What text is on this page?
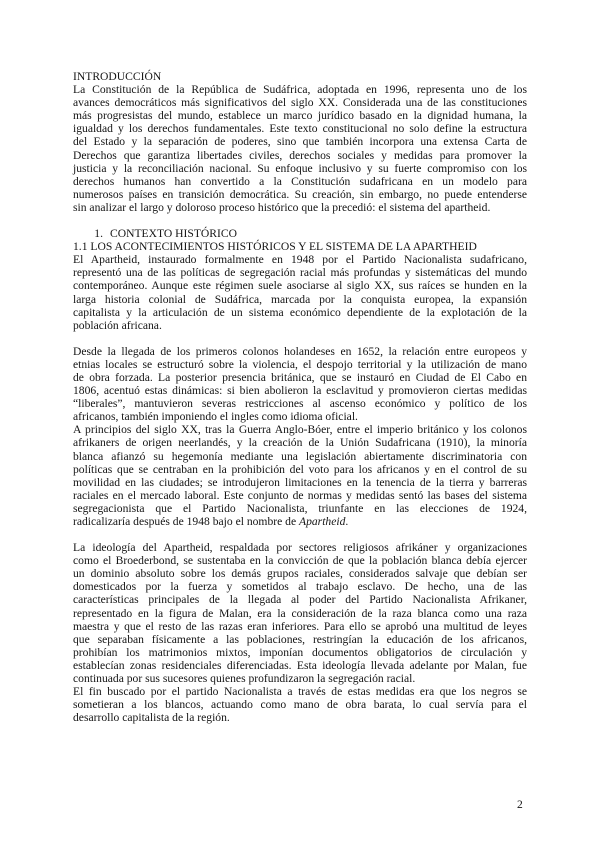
INTRODUCCIÓN
La Constitución de la República de Sudáfrica, adoptada en 1996, representa uno de los
avances democráticos más significativos del siglo XX. Considerada una de las constituciones
más progresistas del mundo, establece un marco jurídico basado en la dignidad humana, la
igualdad y los derechos fundamentales. Este texto constitucional no solo define la estructura
del Estado y la separación de poderes, sino que también incorpora una extensa Carta de
Derechos que garantiza libertades civiles, derechos sociales y medidas para promover la
justicia y la reconciliación nacional. Su enfoque inclusivo y su fuerte compromiso con los
derechos humanos han convertido a la Constitución sudafricana en un modelo para
numerosos países en transición democrática. Su creación, sin embargo, no puede entenderse
sin analizar el largo y doloroso proceso histórico que la precedió: el sistema del apartheid.
1. CONTEXTO HISTÓRICO
1.1 LOS ACONTECIMIENTOS HISTÓRICOS Y EL SISTEMA DE LA APARTHEID
El Apartheid, instaurado formalmente en 1948 por el Partido Nacionalista sudafricano,
representó una de las políticas de segregación racial más profundas y sistemáticas del mundo
contemporáneo. Aunque este régimen suele asociarse al siglo XX, sus raíces se hunden en la
larga historia colonial de Sudáfrica, marcada por la conquista europea, la expansión
capitalista y la articulación de un sistema económico dependiente de la explotación de la
población africana.
Desde la llegada de los primeros colonos holandeses en 1652, la relación entre europeos y
etnias locales se estructuró sobre la violencia, el despojo territorial y la utilización de mano
de obra forzada. La posterior presencia británica, que se instauró en Ciudad de El Cabo en
1806, acentuó estas dinámicas: si bien abolieron la esclavitud y promovieron ciertas medidas
“liberales”, mantuvieron severas restricciones al ascenso económico y político de los
africanos, también imponiendo el ingles como idioma oficial.
A principios del siglo XX, tras la Guerra Anglo-Bóer, entre el imperio británico y los colonos
afrikaners de origen neerlandés, y la creación de la Unión Sudafricana (1910), la minoría
blanca afianzó su hegemonía mediante una legislación abiertamente discriminatoria con
políticas que se centraban en la prohibición del voto para los africanos y en el control de su
movilidad en las ciudades; se introdujeron limitaciones en la tenencia de la tierra y barreras
raciales en el mercado laboral. Este conjunto de normas y medidas sentó las bases del sistema
segregacionista que el Partido Nacionalista, triunfante en las elecciones de 1924,
radicalizaría después de 1948 bajo el nombre de Apartheid.
La ideología del Apartheid, respaldada por sectores religiosos afrikáner y organizaciones
como el Broederbond, se sustentaba en la convicción de que la población blanca debía ejercer
un dominio absoluto sobre los demás grupos raciales, considerados salvaje que debían ser
domesticados por la fuerza y sometidos al trabajo esclavo. De hecho, una de las
características principales de la llegada al poder del Partido Nacionalista Afrikaner,
representado en la figura de Malan, era la consideración de la raza blanca como una raza
maestra y que el resto de las razas eran inferiores. Para ello se aprobó una multitud de leyes
que separaban físicamente a las poblaciones, restringían la educación de los africanos,
prohibían los matrimonios mixtos, imponían documentos obligatorios de circulación y
establecían zonas residenciales diferenciadas. Esta ideología llevada adelante por Malan, fue
continuada por sus sucesores quienes profundizaron la segregación racial.
El fin buscado por el partido Nacionalista a través de estas medidas era que los negros se
sometieran a los blancos, actuando como mano de obra barata, lo cual servía para el
desarrollo capitalista de la región.
2
